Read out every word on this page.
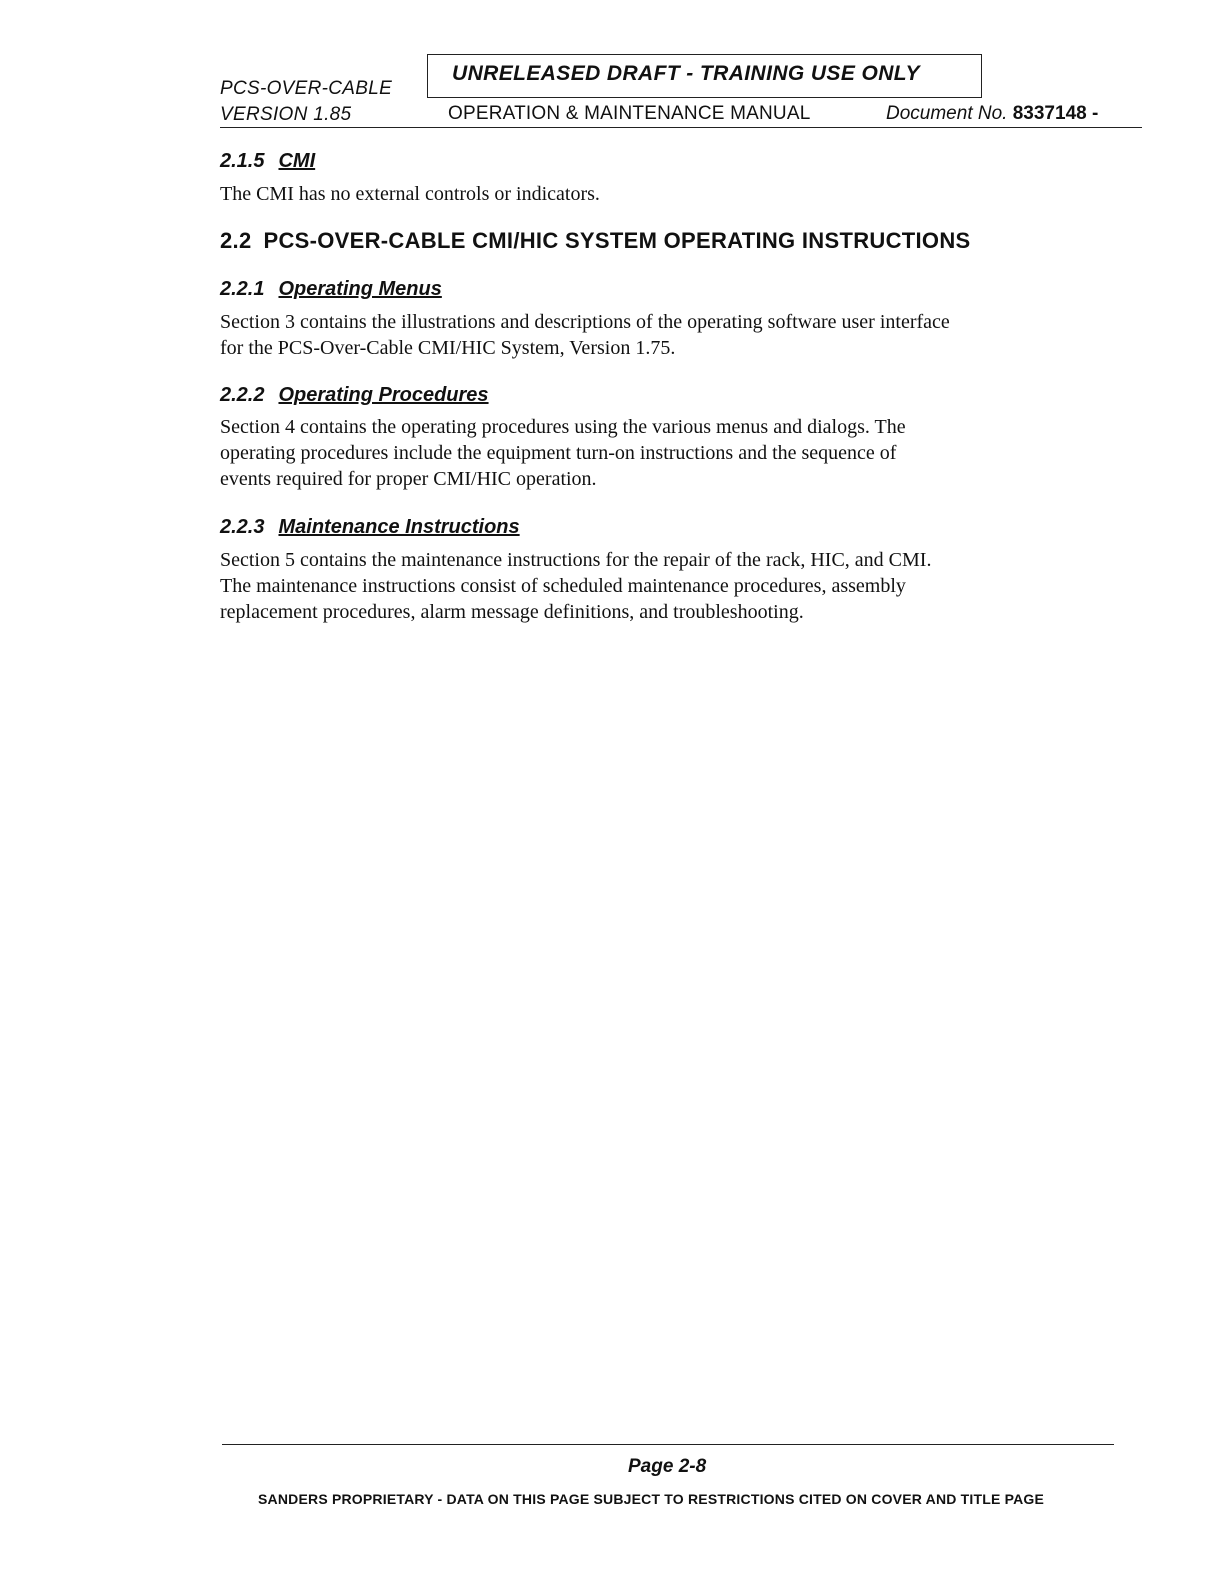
PCS-OVER-CABLE
VERSION 1.85
UNRELEASED DRAFT - TRAINING USE ONLY
OPERATION & MAINTENANCE MANUAL	Document No. 8337148 -
2.1.5 CMI
The CMI has no external controls or indicators.
2.2 PCS-OVER-CABLE CMI/HIC SYSTEM OPERATING INSTRUCTIONS
2.2.1 Operating Menus
Section 3 contains the illustrations and descriptions of the operating software user interface
for the PCS-Over-Cable CMI/HIC System, Version 1.75.
2.2.2 Operating Procedures
Section 4 contains the operating procedures using the various menus and dialogs. The
operating procedures include the equipment turn-on instructions and the sequence of
events required for proper CMI/HIC operation.
2.2.3 Maintenance Instructions
Section 5 contains the maintenance instructions for the repair of the rack, HIC, and CMI.
The maintenance instructions consist of scheduled maintenance procedures, assembly
replacement procedures, alarm message definitions, and troubleshooting.
Page 2-8
SANDERS PROPRIETARY - DATA ON THIS PAGE SUBJECT TO RESTRICTIONS CITED ON COVER AND TITLE PAGE
